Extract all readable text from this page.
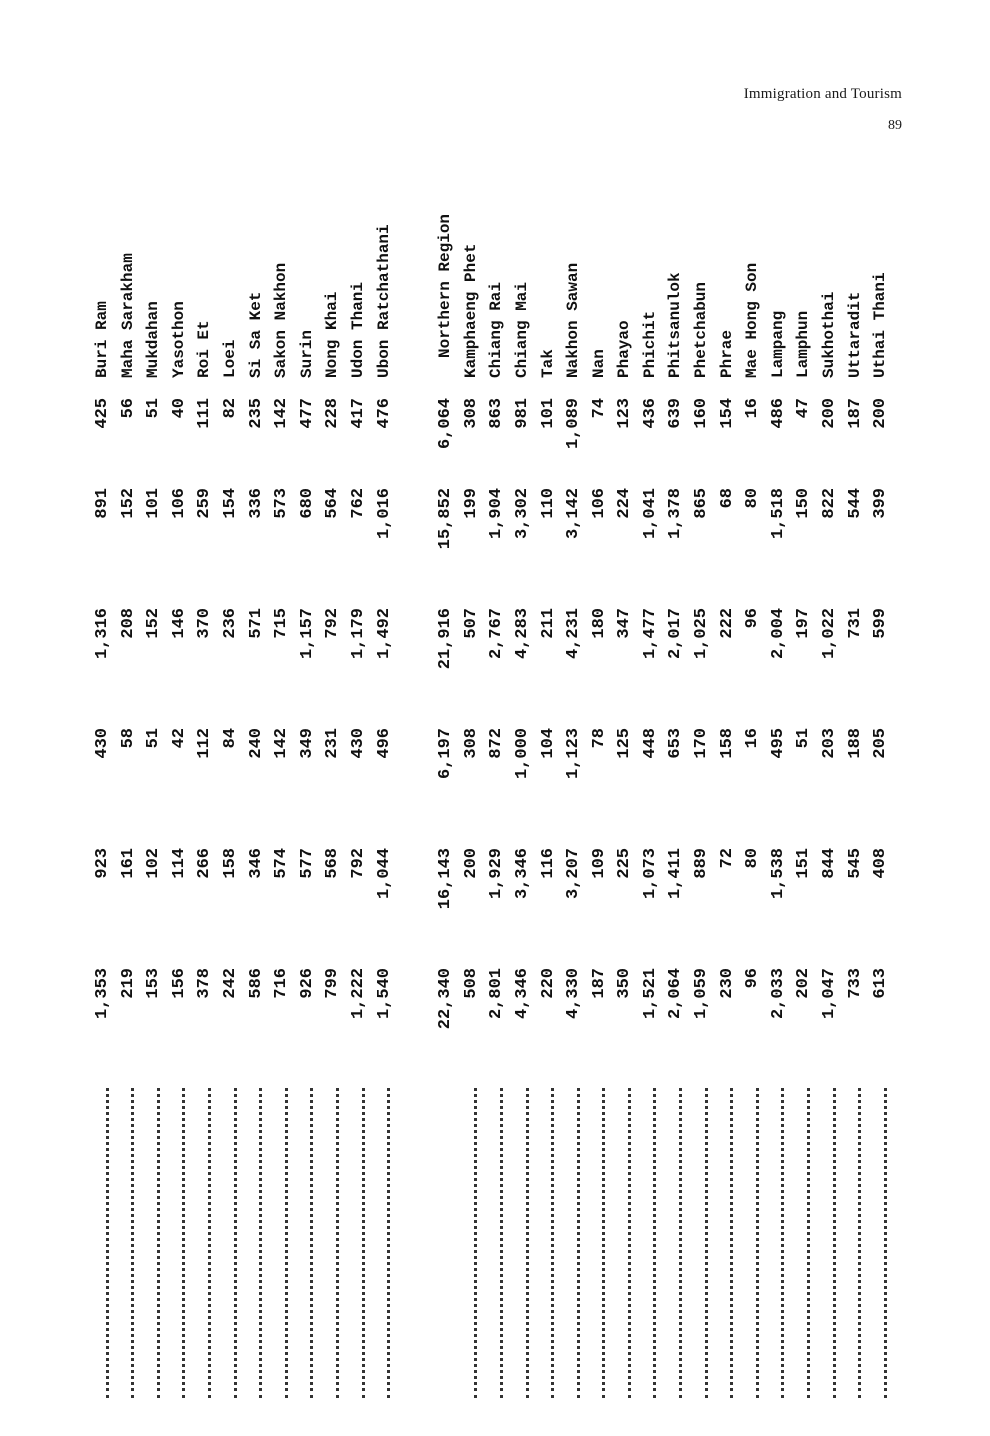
Immigration and Tourism
89
1,353
923
430
1,316
891
425
Buri Ram
219
161
58
208
152
56
Maha Sarakham
153
102
51
152
101
51
Mukdahan
156
114
42
146
106
40
Yasothon
378
266
112
370
259
111
Roi Et
242
158
84
236
154
82
Loei
586
346
240
571
336
235
Si Sa Ket
716
574
142
715
573
142
Sakon Nakhon
926
577
349
1,157
680
477
Surin
799
568
231
792
564
228
Nong Khai
1,222
792
430
1,179
762
417
Udon Thani
1,540
1,044
496
1,492
1,016
476
Ubon Ratchathani
22,340
16,143
6,197
21,916
15,852
6,064
Northern Region
508
200
308
507
199
308
Kamphaeng Phet
2,801
1,929
872
2,767
1,904
863
Chiang Rai
4,346
3,346
1,000
4,283
3,302
981
Chiang Mai
220
116
104
211
110
101
Tak
4,330
3,207
1,123
4,231
3,142
1,089
Nakhon Sawan
187
109
78
180
106
74
Nan
350
225
125
347
224
123
Phayao
1,521
1,073
448
1,477
1,041
436
Phichit
2,064
1,411
653
2,017
1,378
639
Phitsanulok
1,059
889
170
1,025
865
160
Phetchabun
230
72
158
222
68
154
Phrae
96
80
16
96
80
16
Mae Hong Son
2,033
1,538
495
2,004
1,518
486
Lampang
202
151
51
197
150
47
Lamphun
1,047
844
203
1,022
822
200
Sukhothai
733
545
188
731
544
187
Uttaradit
613
408
205
599
399
200
Uthai Thani
